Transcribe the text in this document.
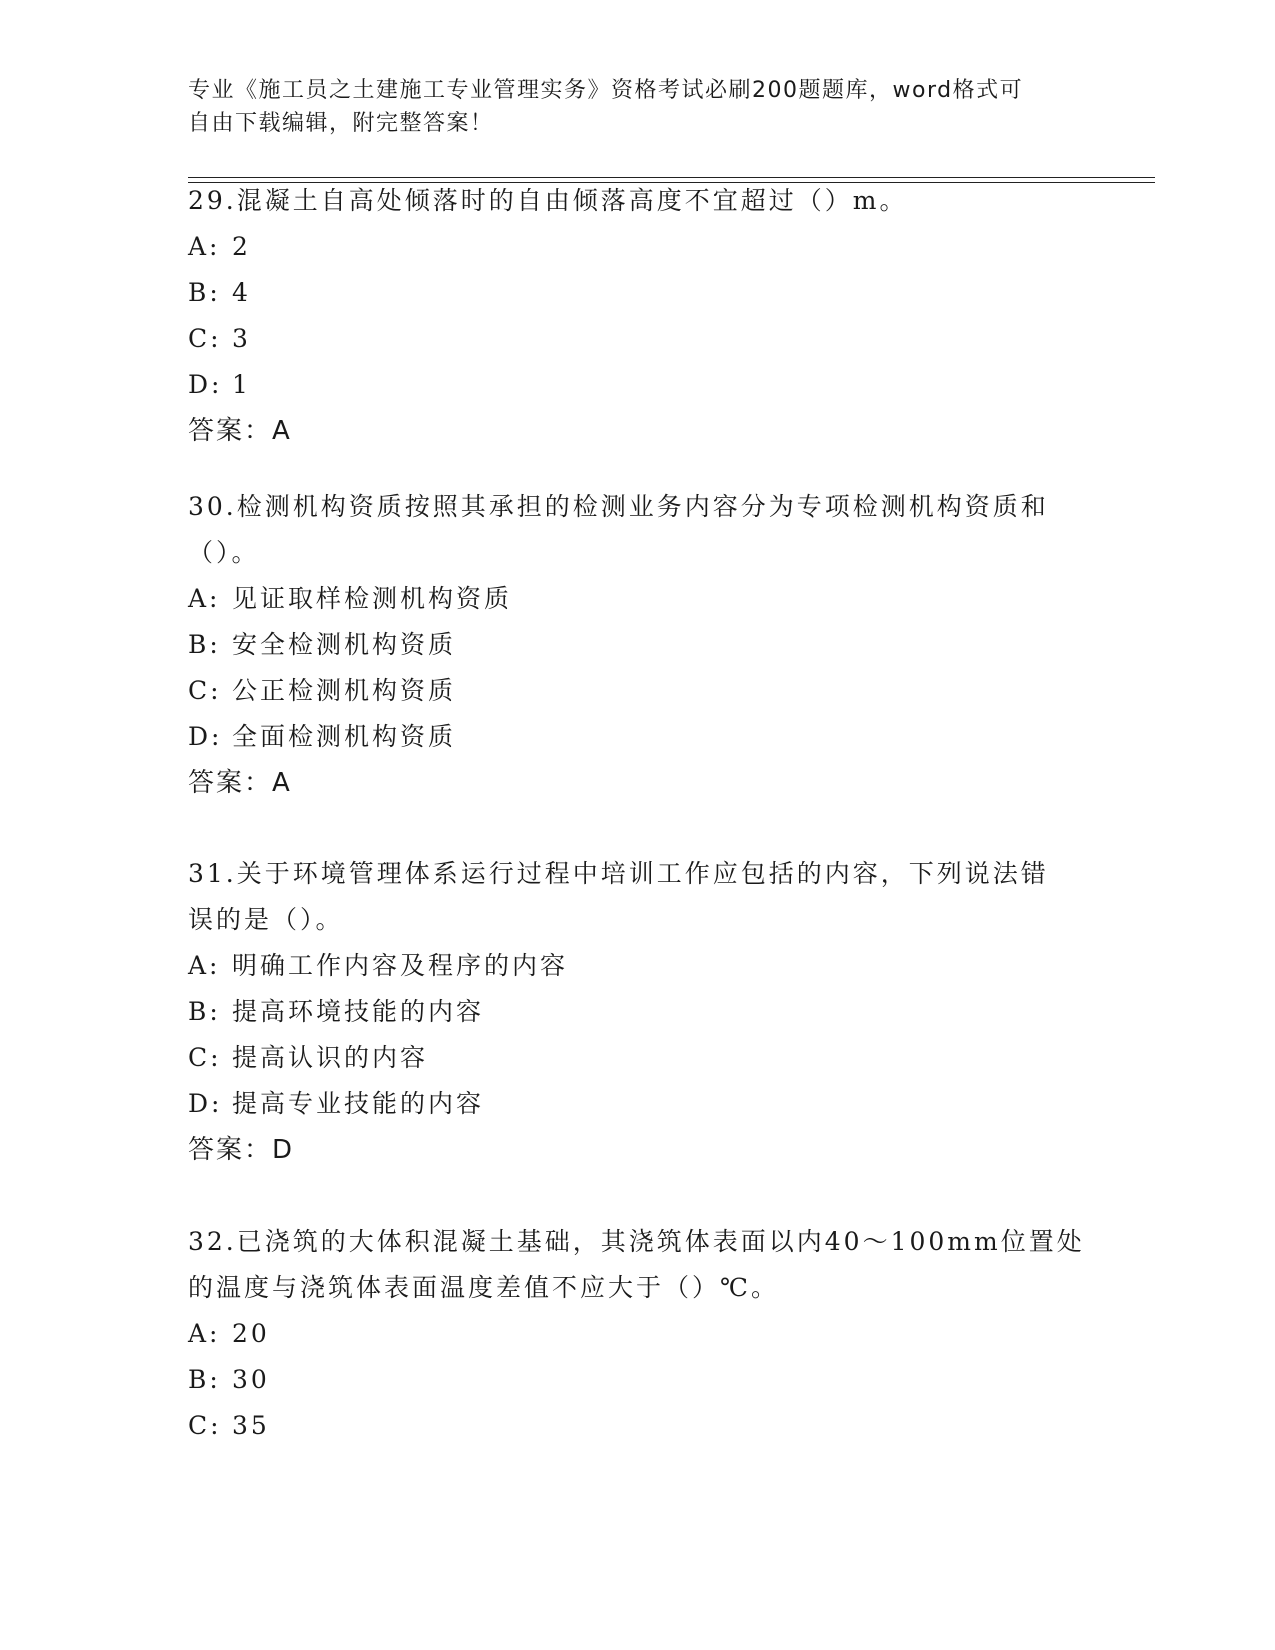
专业《施工员之土建施工专业管理实务》资格考试必刷200题题库，word格式可
自由下载编辑，附完整答案！

29.混凝土自高处倾落时的自由倾落高度不宜超过（）m。

A: 2

B: 4

C: 3

D: 1

答案：A

30.检测机构资质按照其承担的检测业务内容分为专项检测机构资质和

（）。

A: 见证取样检测机构资质

B: 安全检测机构资质

C: 公正检测机构资质

D: 全面检测机构资质

答案：A

31.关于环境管理体系运行过程中培训工作应包括的内容，下列说法错

误的是（）。

A: 明确工作内容及程序的内容

B: 提高环境技能的内容

C: 提高认识的内容

D: 提高专业技能的内容

答案：D

32.已浇筑的大体积混凝土基础，其浇筑体表面以内40～100mm位置处

的温度与浇筑体表面温度差值不应大于（）℃。

A: 20

B: 30

C: 35
